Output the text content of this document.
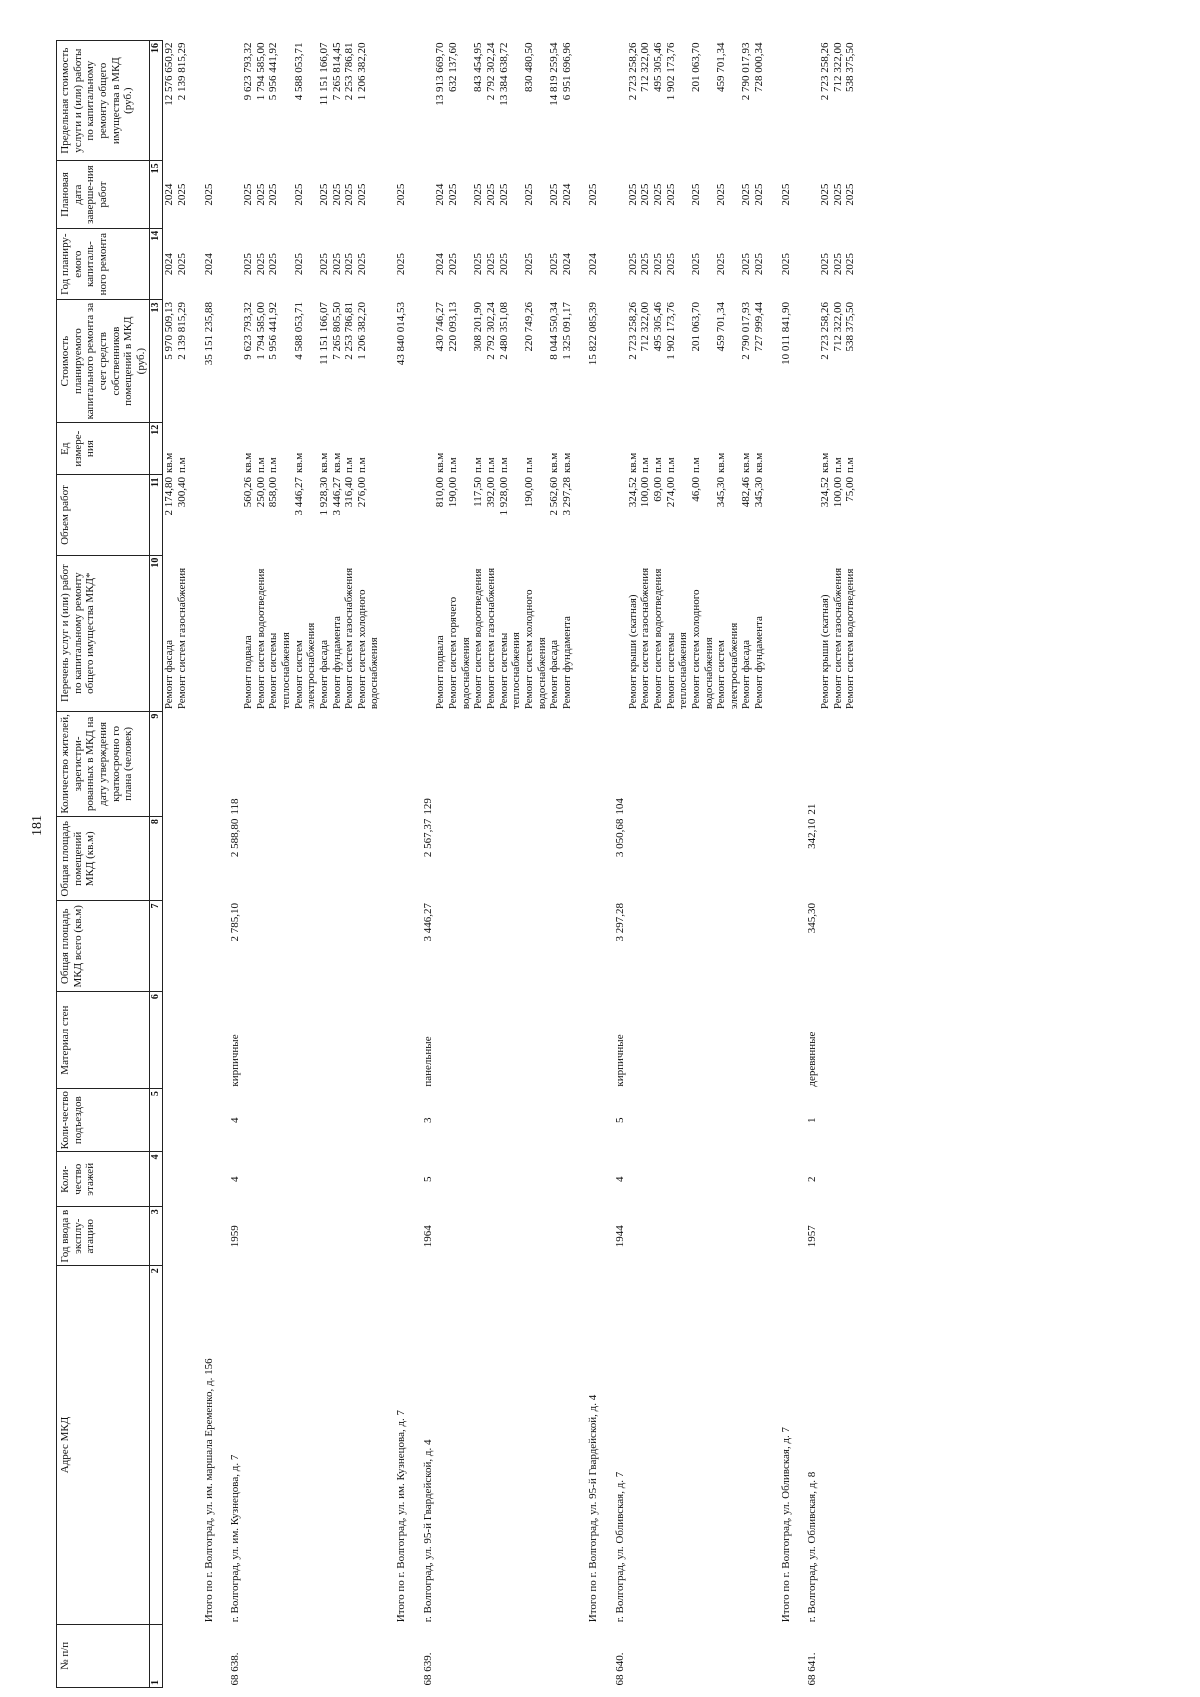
181
№ п/п	Адрес МКД	Год ввода в эксплу-атацию	Коли-чество этажей	Коли-чество подъездов	Материал стен	Общая площадь МКД всего (кв.м)	Общая площадь помещений МКД (кв.м)	Количество жителей, зарегистри-рованных в МКД на дату утверждения краткосрочно го плана (человек)	Перечень услуг и (или) работ по капитальному ремонту общего имущества МКД*	Объем работ	Ед измере-ния	Стоимость планируемого капитального ремонта за счет средств собственников помещений в МКД (руб.)	Год планиру-емого капиталь-ного ремонта	Плановая дата заверше-ния работ	Предельная стоимость услуги и (или) работы по капитальному ремонту общего имущества в МКД (руб.)
1	2	3	4	5	6	7	8	9	10	11	12	13	14	15	16
									Ремонт фасада	2 174,80	кв.м	5 970 509,13	2024	2024	12 576 650,92
									Ремонт систем газоснабжения	300,40	п.м	2 139 815,29	2025	2025	2 139 815,29
	Итого по г. Волгоград, ул. им. маршала Еременко, д. 156											35 151 235,88	2024	2025	
68 638.	г. Волгоград, ул. им. Кузнецова, д. 7	1959	4	4	кирпичные	2 785,10	2 588,80	118							
									Ремонт подвала	560,26	кв.м	9 623 793,32	2025	2025	9 623 793,32
									Ремонт систем водоотведения	250,00	п.м	1 794 585,00	2025	2025	1 794 585,00
									Ремонт системы теплоснабжения	858,00	п.м	5 956 441,92	2025	2025	5 956 441,92
									Ремонт систем электроснабжения	3 446,27	кв.м	4 588 053,71	2025	2025	4 588 053,71
									Ремонт фасада	1 928,30	кв.м	11 151 166,07	2025	2025	11 151 166,07
									Ремонт фундамента	3 446,27	кв.м	7 265 805,50	2025	2025	7 265 814,45
									Ремонт систем газоснабжения	316,40	п.м	2 253 786,81	2025	2025	2 253 786,81
									Ремонт систем холодного водоснабжения	276,00	п.м	1 206 382,20	2025	2025	1 206 382,20
	Итого по г. Волгоград, ул. им. Кузнецова, д. 7											43 840 014,53	2025	2025	
68 639.	г. Волгоград, ул. 95-й Гвардейской, д. 4	1964	5	3	панельные	3 446,27	2 567,37	129							
									Ремонт подвала	810,00	кв.м	430 746,27	2024	2024	13 913 669,70
									Ремонт систем горячего водоснабжения	190,00	п.м	220 093,13	2025	2025	632 137,60
									Ремонт систем водоотведения	117,50	п.м	308 201,90	2025	2025	843 454,95
									Ремонт систем газоснабжения	392,00	п.м	2 792 302,24	2025	2025	2 792 302,24
									Ремонт системы теплоснабжения	1 928,00	п.м	2 480 351,08	2025	2025	13 384 638,72
									Ремонт систем холодного водоснабжения	190,00	п.м	220 749,26	2025	2025	830 480,50
									Ремонт фасада	2 562,60	кв.м	8 044 550,34	2025	2025	14 819 259,54
									Ремонт фундамента	3 297,28	кв.м	1 325 091,17	2024	2024	6 951 696,96
	Итого по г. Волгоград, ул. 95-й Гвардейской, д. 4											15 822 085,39	2024	2025	
68 640.	г. Волгоград, ул. Обливская, д. 7	1944	4	5	кирпичные	3 297,28	3 050,68	104							
									Ремонт крыши (скатная)	324,52	кв.м	2 723 258,26	2025	2025	2 723 258,26
									Ремонт систем газоснабжения	100,00	п.м	712 322,00	2025	2025	712 322,00
									Ремонт систем водоотведения	69,00	п.м	495 305,46	2025	2025	495 305,46
									Ремонт системы теплоснабжения	274,00	п.м	1 902 173,76	2025	2025	1 902 173,76
									Ремонт систем холодного водоснабжения	46,00	п.м	201 063,70	2025	2025	201 063,70
									Ремонт систем электроснабжения	345,30	кв.м	459 701,34	2025	2025	459 701,34
									Ремонт фасада	482,46	кв.м	2 790 017,93	2025	2025	2 790 017,93
									Ремонт фундамента	345,30	кв.м	727 999,44	2025	2025	728 000,34
	Итого по г. Волгоград, ул. Обливская, д. 7											10 011 841,90	2025	2025	
68 641.	г. Волгоград, ул. Обливская, д. 8	1957	2	1	деревянные	345,30	342,10	21							
									Ремонт крыши (скатная)	324,52	кв.м	2 723 258,26	2025	2025	2 723 258,26
									Ремонт систем газоснабжения	100,00	п.м	712 322,00	2025	2025	712 322,00
									Ремонт систем водоотведения	75,00	п.м	538 375,50	2025	2025	538 375,50
